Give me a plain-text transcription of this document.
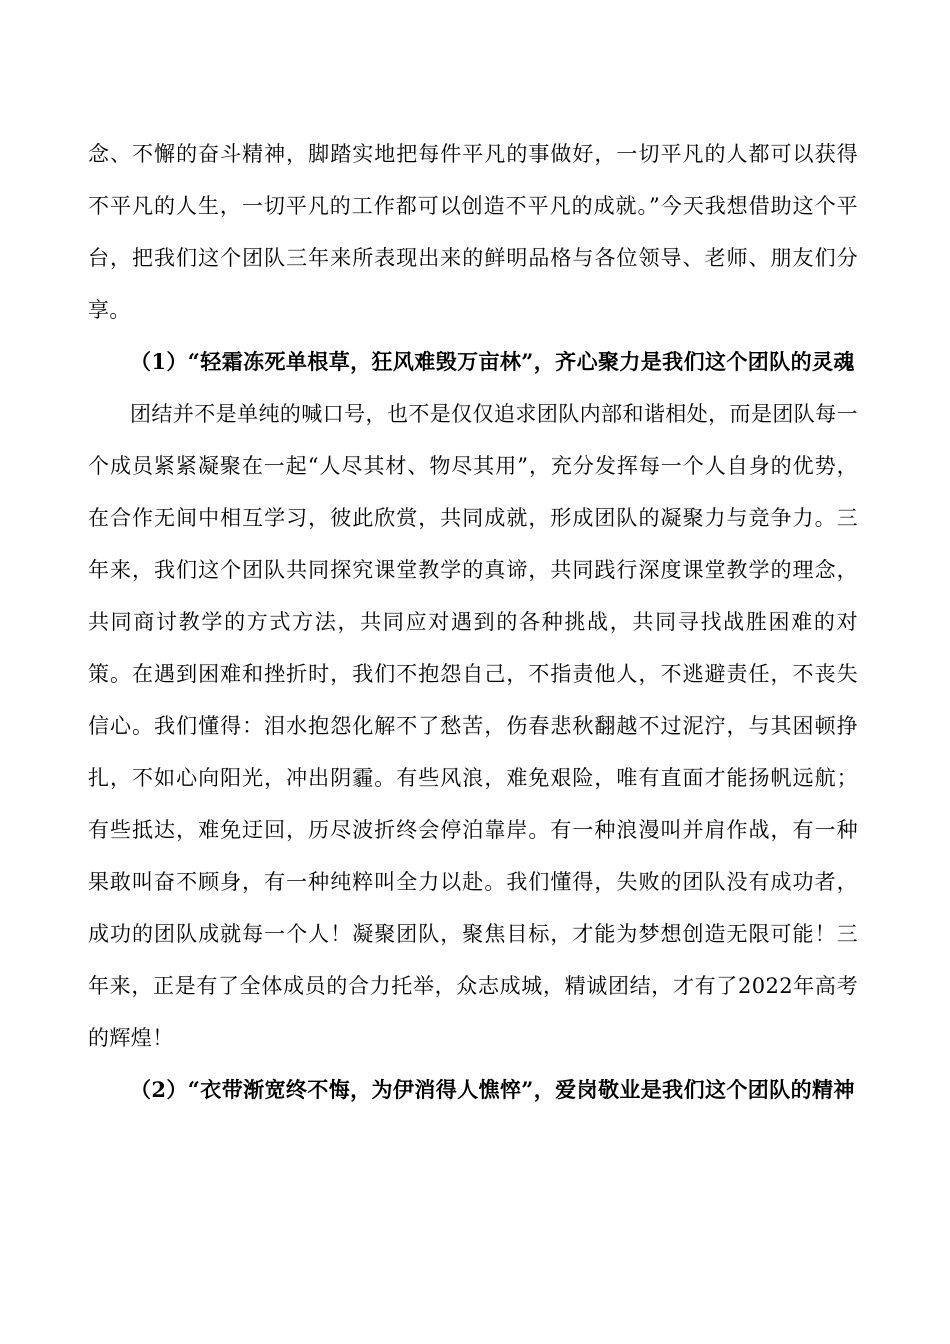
念、不懈的奋斗精神，脚踏实地把每件平凡的事做好，一切平凡的人都可以获得不平凡的人生，一切平凡的工作都可以创造不平凡的成就。”今天我想借助这个平台，把我们这个团队三年来所表现出来的鲜明品格与各位领导、老师、朋友们分享。

（1）“轻霜冻死单根草，狂风难毁万亩林”，齐心聚力是我们这个团队的灵魂

团结并不是单纯的喊口号，也不是仅仅追求团队内部和谐相处，而是团队每一个成员紧紧凝聚在一起“人尽其材、物尽其用”，充分发挥每一个人自身的优势，在合作无间中相互学习，彼此欣赏，共同成就，形成团队的凝聚力与竞争力。三年来，我们这个团队共同探究课堂教学的真谛，共同践行深度课堂教学的理念，共同商讨教学的方式方法，共同应对遇到的各种挑战，共同寻找战胜困难的对策。在遇到困难和挫折时，我们不抱怨自己，不指责他人，不逃避责任，不丧失信心。我们懂得：泪水抱怨化解不了愁苦，伤春悲秋翻越不过泥泞，与其困顿挣扎，不如心向阳光，冲出阴霾。有些风浪，难免艰险，唯有直面才能扬帆远航；有些抵达，难免迂回，历尽波折终会停泊靠岸。有一种浪漫叫并肩作战，有一种果敢叫奋不顾身，有一种纯粹叫全力以赴。我们懂得，失败的团队没有成功者，成功的团队成就每一个人！凝聚团队，聚焦目标，才能为梦想创造无限可能！三年来，正是有了全体成员的合力托举，众志成城，精诚团结，才有了2022年高考的辉煌！

（2）“衣带渐宽终不悔，为伊消得人憔悴”，爱岗敬业是我们这个团队的精神
